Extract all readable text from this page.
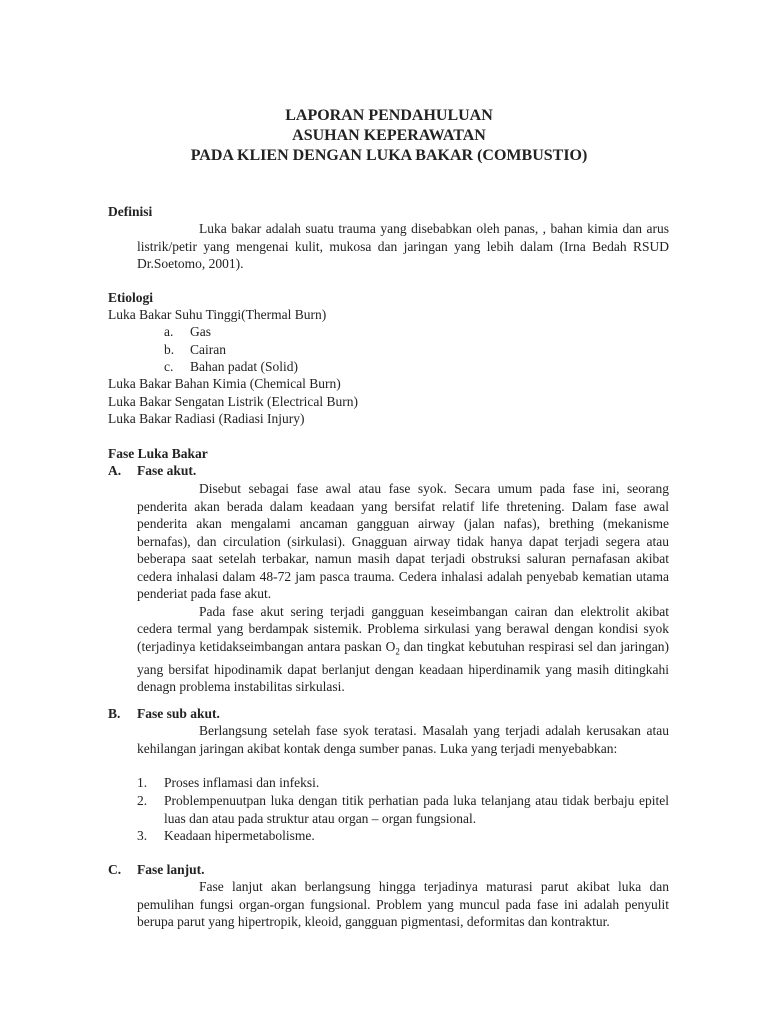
LAPORAN PENDAHULUAN
ASUHAN KEPERAWATAN
PADA KLIEN DENGAN LUKA BAKAR (COMBUSTIO)
Definisi

Luka bakar adalah suatu trauma yang disebabkan oleh panas, , bahan kimia dan arus listrik/petir yang mengenai kulit, mukosa dan jaringan yang lebih dalam (Irna Bedah RSUD Dr.Soetomo, 2001).

Etiologi
Luka Bakar Suhu Tinggi(Thermal Burn)
a. Gas
b. Cairan
c. Bahan padat (Solid)
Luka Bakar Bahan Kimia (Chemical Burn)
Luka Bakar Sengatan Listrik (Electrical Burn)
Luka Bakar Radiasi (Radiasi Injury)
Fase Luka Bakar
A. Fase akut.

Disebut sebagai fase awal atau fase syok. Secara umum pada fase ini, seorang penderita akan berada dalam keadaan yang bersifat relatif life thretening. Dalam fase awal penderita akan mengalami ancaman gangguan airway (jalan nafas), brething (mekanisme bernafas), dan circulation (sirkulasi). Gnagguan airway tidak hanya dapat terjadi segera atau beberapa saat setelah terbakar, namun masih dapat terjadi obstruksi saluran pernafasan akibat cedera inhalasi dalam 48-72 jam pasca trauma. Cedera inhalasi adalah penyebab kematian utama penderiat pada fase akut.

Pada fase akut sering terjadi gangguan keseimbangan cairan dan elektrolit akibat cedera termal yang berdampak sistemik. Problema sirkulasi yang berawal dengan kondisi syok (terjadinya ketidakseimbangan antara paskan $O_2$ dan tingkat kebutuhan respirasi sel dan jaringan) yang bersifat hipodinamik dapat berlanjut dengan keadaan hiperdinamik yang masih ditingkahi denagn problema instabilitas sirkulasi.

B. Fase sub akut.

Berlangsung setelah fase syok teratasi. Masalah yang terjadi adalah kerusakan atau kehilangan jaringan akibat kontak denga sumber panas. Luka yang terjadi menyebabkan:

1. Proses inflamasi dan infeksi.
2. Problempenuutpan luka dengan titik perhatian pada luka telanjang atau tidak berbaju epitel luas dan atau pada struktur atau organ – organ fungsional.
3. Keadaan hipermetabolisme.
C. Fase lanjut.

Fase lanjut akan berlangsung hingga terjadinya maturasi parut akibat luka dan pemulihan fungsi organ-organ fungsional. Problem yang muncul pada fase ini adalah penyulit berupa parut yang hipertropik, kleoid, gangguan pigmentasi, deformitas dan kontraktur.
